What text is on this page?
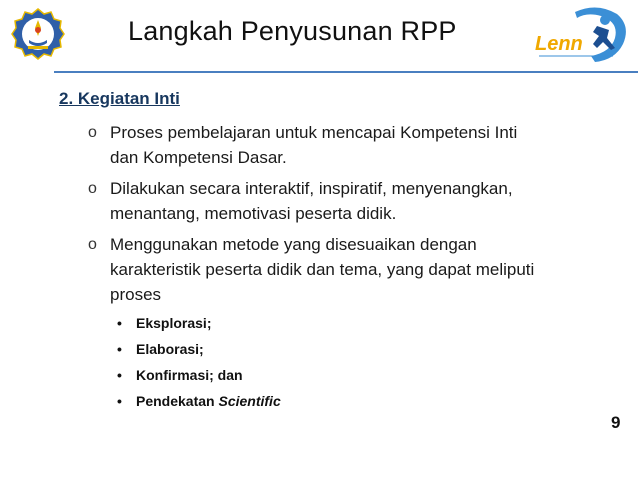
Langkah Penyusunan RPP	Lenn
2. Kegiatan Inti
o Proses pembelajaran untuk mencapai Kompetensi Inti
dan Kompetensi Dasar.
o Dilakukan secara interaktif, inspiratif, menyenangkan,
menantang, memotivasi peserta didik.
o Menggunakan metode yang disesuaikan dengan
karakteristik peserta didik dan tema, yang dapat meliputi
proses
• Eksplorasi;
• Elaborasi;
• Konfirmasi; dan
• Pendekatan Scientific
9
